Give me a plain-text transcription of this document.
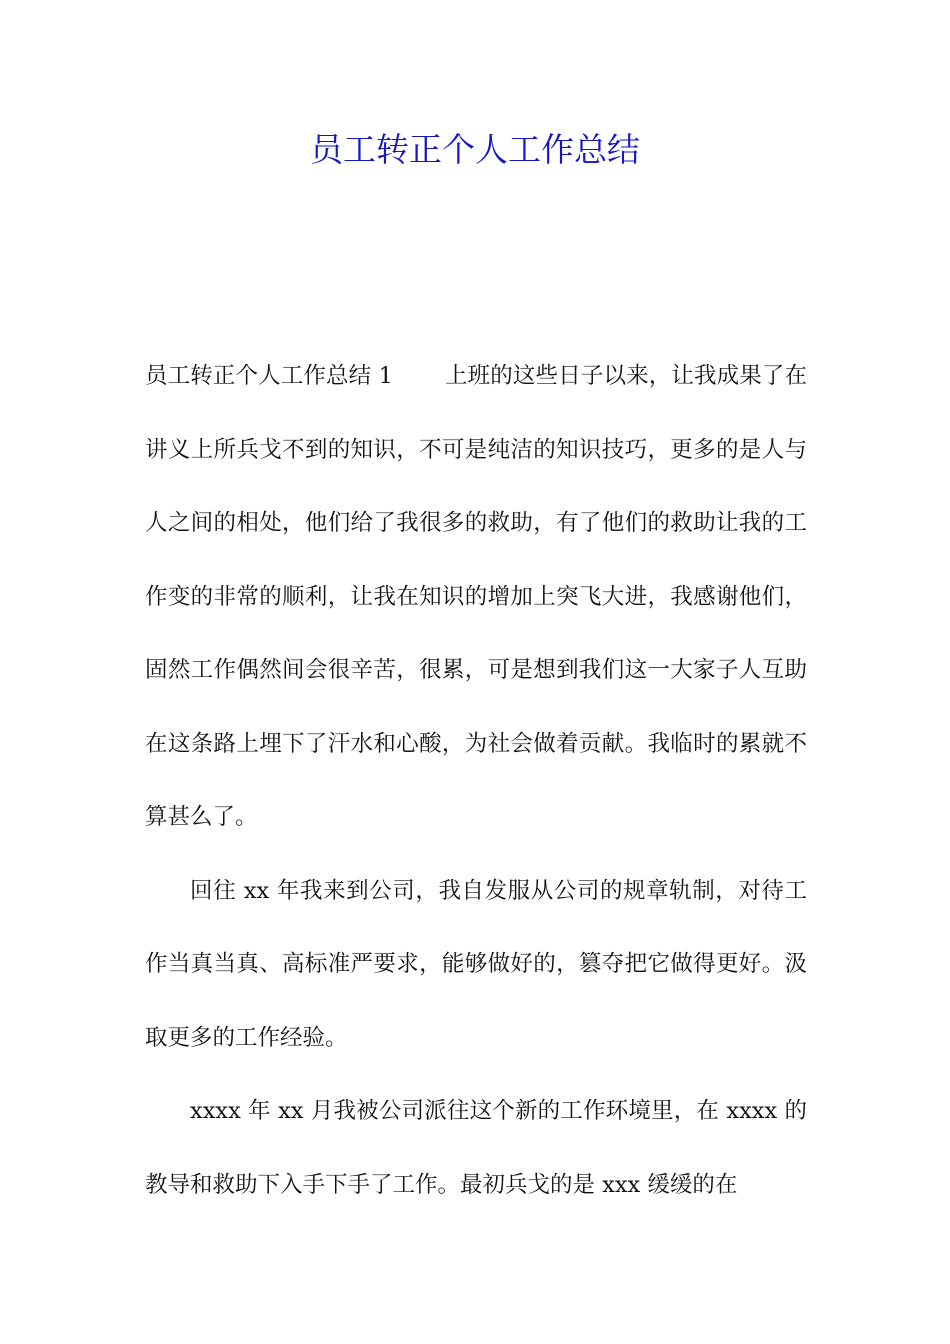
员工转正个人工作总结

员工转正个人工作总结 1 上班的这些日子以来，让我成果了在讲义上所兵戈不到的知识，不可是纯洁的知识技巧，更多的是人与人之间的相处，他们给了我很多的救助，有了他们的救助让我的工作变的非常的顺利，让我在知识的增加上突飞大进，我感谢他们，固然工作偶然间会很辛苦，很累，可是想到我们这一大家子人互助在这条路上埋下了汗水和心酸，为社会做着贡献。我临时的累就不算甚么了。

回往 xx 年我来到公司，我自发服从公司的规章轨制，对待工作当真当真、高标准严要求，能够做好的，篡夺把它做得更好。汲取更多的工作经验。

xxxx 年 xx 月我被公司派往这个新的工作环境里，在 xxxx 的教导和救助下入手下手了工作。最初兵戈的是 xxx 缓缓的在
